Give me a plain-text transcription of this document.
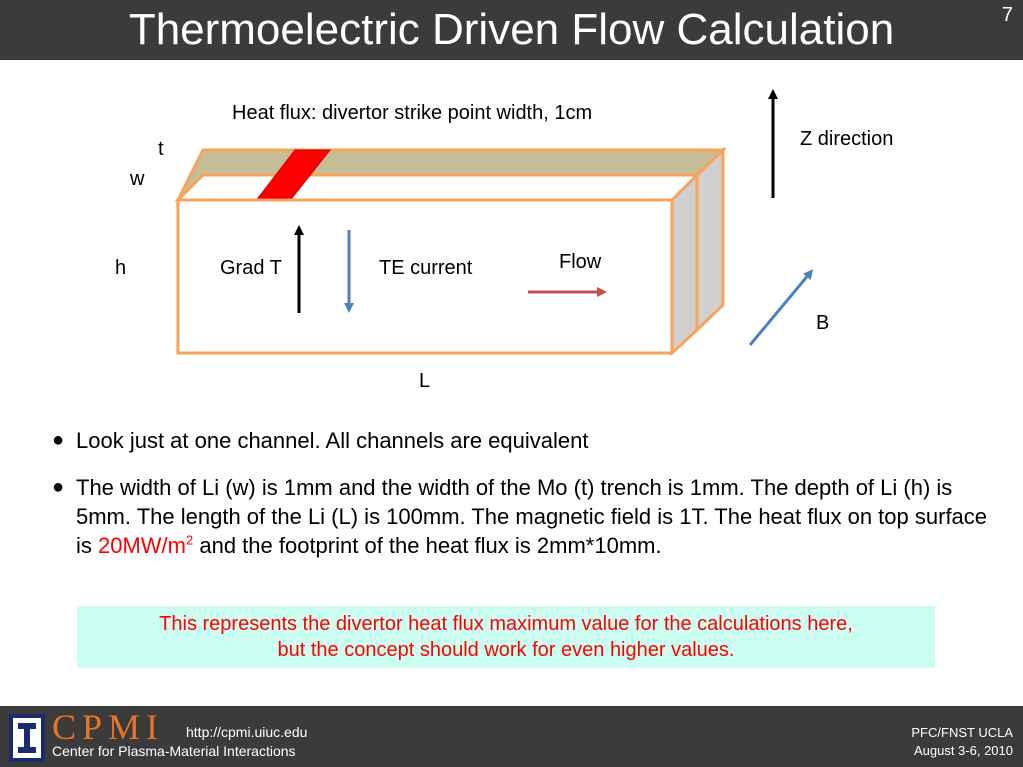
Thermoelectric Driven Flow Calculation	7
Heat flux: divertor strike point width, 1cm
t
w
h	Grad T	TE current	Flow
L
Z direction
B
● Look just at one channel. All channels are equivalent
● The width of Li (w) is 1mm and the width of the Mo (t) trench is 1mm. The depth of Li (h) is 5mm. The length of the Li (L) is 100mm. The magnetic field is 1T. The heat flux on top surface is $20MW/m^2$ and the footprint of the heat flux is 2mm*10mm.
This represents the divertor heat flux maximum value for the calculations here,
but the concept should work for even higher values.
CPMI http://cpmi.uiuc.edu
Center for Plasma-Material Interactions
PFC/FNST UCLA
August 3-6, 2010
